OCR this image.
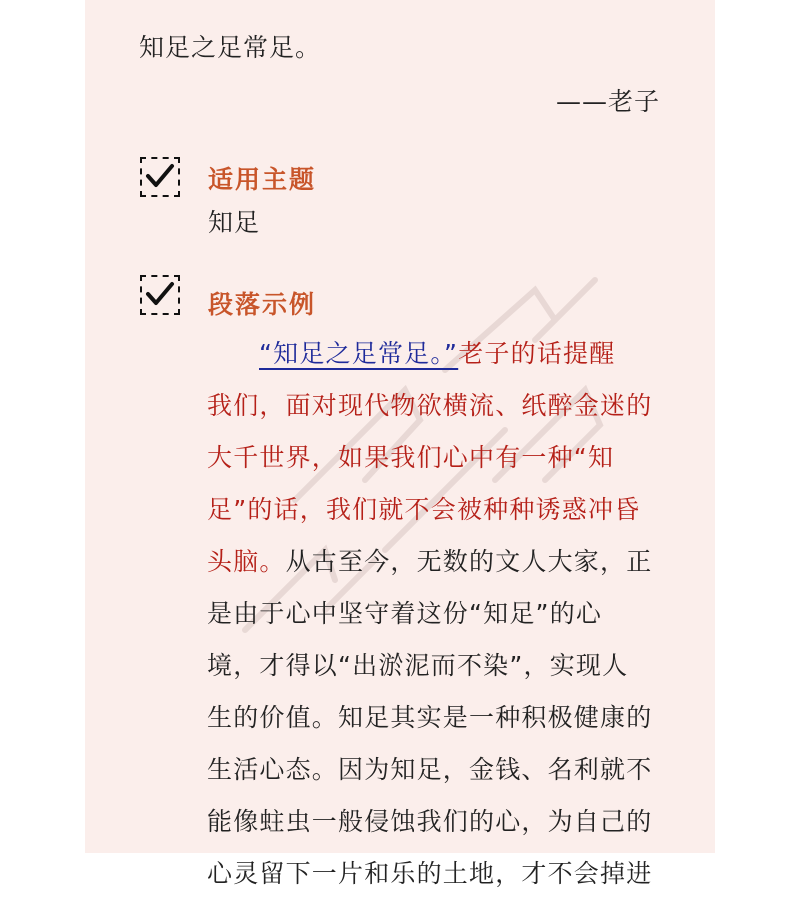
知足之足常足。
——老子
适用主题
知足
段落示例
“知足之足常足。”老子的话提醒
我们，面对现代物欲横流、纸醉金迷的
大千世界，如果我们心中有一种“知
足”的话，我们就不会被种种诱惑冲昏
头脑。从古至今，无数的文人大家，正
是由于心中坚守着这份“知足”的心
境，才得以“出淤泥而不染”，实现人
生的价值。知足其实是一种积极健康的
生活心态。因为知足，金钱、名利就不
能像蛀虫一般侵蚀我们的心，为自己的
心灵留下一片和乐的土地，才不会掉进
